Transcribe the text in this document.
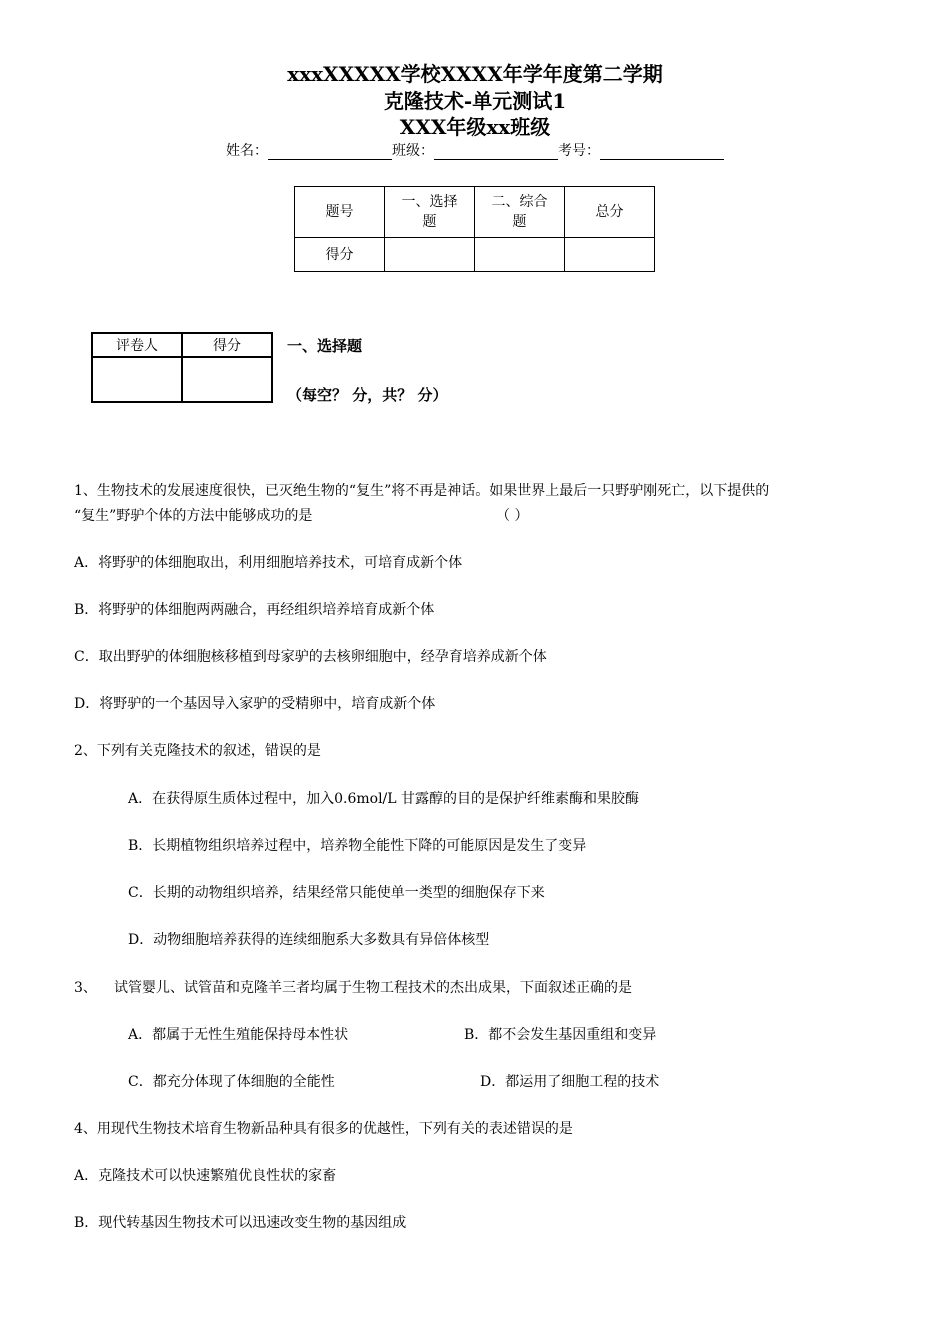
xxxXXXXX学校XXXX年学年度第二学期
克隆技术-单元测试1
XXX年级xx班级
姓名：	班级：	考号：
题号	一、选择题	二、综合题	总分
得分			
评卷人	得分
		一、选择题
（每空？ 分，共？ 分）
1、生物技术的发展速度很快，已灭绝生物的“复生”将不再是神话。如果世界上最后一只野驴刚死亡，以下提供的
“复生”野驴个体的方法中能够成功的是	（ ）
A．将野驴的体细胞取出，利用细胞培养技术，可培育成新个体
B．将野驴的体细胞两两融合，再经组织培养培育成新个体
C．取出野驴的体细胞核移植到母家驴的去核卵细胞中，经孕育培养成新个体
D．将野驴的一个基因导入家驴的受精卵中，培育成新个体
2、下列有关克隆技术的叙述，错误的是
A．在获得原生质体过程中，加入0.6mol/L 甘露醇的目的是保护纤维素酶和果胶酶
B．长期植物组织培养过程中，培养物全能性下降的可能原因是发生了变异
C．长期的动物组织培养，结果经常只能使单一类型的细胞保存下来
D．动物细胞培养获得的连续细胞系大多数具有异倍体核型
3、 试管婴儿、试管苗和克隆羊三者均属于生物工程技术的杰出成果，下面叙述正确的是
A．都属于无性生殖能保持母本性状	B．都不会发生基因重组和变异
C．都充分体现了体细胞的全能性	D．都运用了细胞工程的技术
4、用现代生物技术培育生物新品种具有很多的优越性，下列有关的表述错误的是
A．克隆技术可以快速繁殖优良性状的家畜
B．现代转基因生物技术可以迅速改变生物的基因组成
